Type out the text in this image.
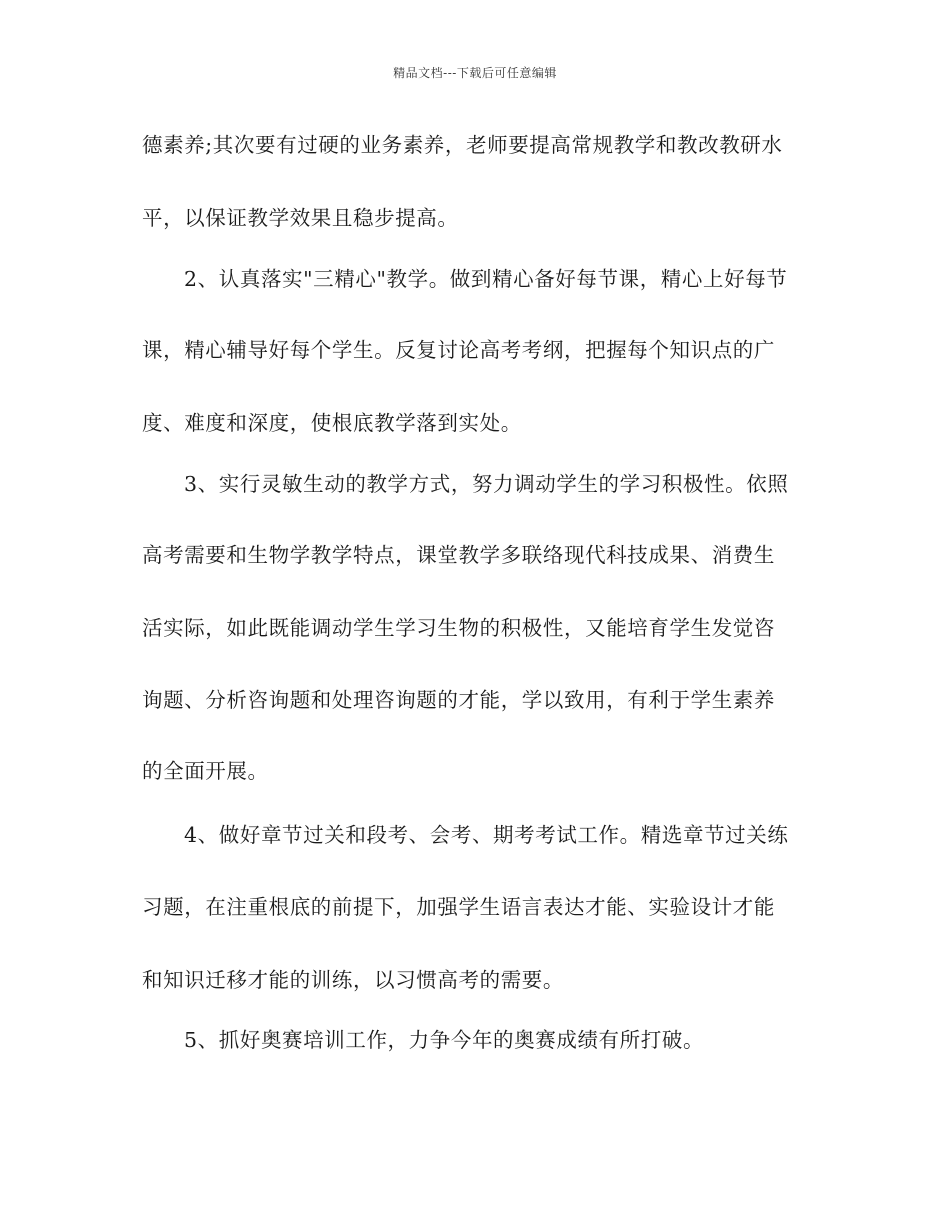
精品文档---下载后可任意编辑
德素养;其次要有过硬的业务素养，老师要提高常规教学和教改教研水
平，以保证教学效果且稳步提高。
2、认真落实"三精心"教学。做到精心备好每节课，精心上好每节
课，精心辅导好每个学生。反复讨论高考考纲，把握每个知识点的广
度、难度和深度，使根底教学落到实处。
3、实行灵敏生动的教学方式，努力调动学生的学习积极性。依照
高考需要和生物学教学特点，课堂教学多联络现代科技成果、消费生
活实际，如此既能调动学生学习生物的积极性，又能培育学生发觉咨
询题、分析咨询题和处理咨询题的才能，学以致用，有利于学生素养
的全面开展。
4、做好章节过关和段考、会考、期考考试工作。精选章节过关练
习题，在注重根底的前提下，加强学生语言表达才能、实验设计才能
和知识迁移才能的训练，以习惯高考的需要。
5、抓好奥赛培训工作，力争今年的奥赛成绩有所打破。
